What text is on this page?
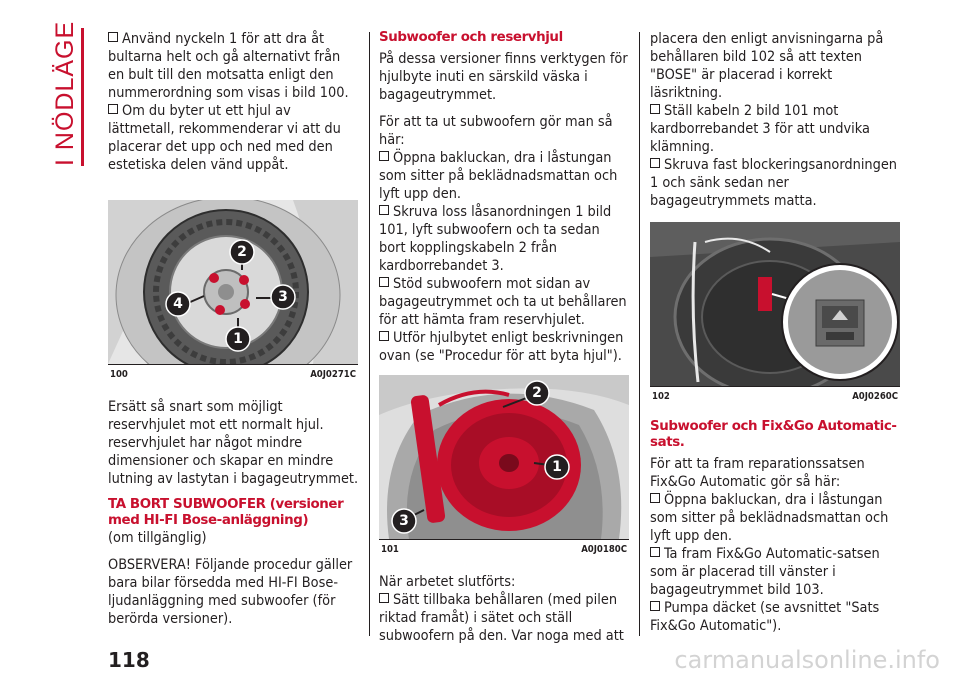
I NÖDLÄGE	Använd nyckeln 1 för att dra åt bultarna helt och gå alternativt från en bult till den motsatta enligt den nummerordning som visas i bild 100.

Om du byter ut ett hjul av lättmetall, rekommenderar vi att du placerar det upp och ned med den estetiska delen vänd uppåt.

2
3
1
4
100	A0J0271C

Ersätt så snart som möjligt reservhjulet mot ett normalt hjul. reservhjulet har något mindre dimensioner och skapar en mindre lutning av lastytan i bagageutrymmet.

TA BORT SUBWOOFER (versioner med HI-FI Bose-anläggning)

(om tillgänglig)

OBSERVERA! Följande procedur gäller bara bilar försedda med HI-FI Bose-ljudanläggning med subwoofer (för berörda versioner).

Subwoofer och reservhjul

På dessa versioner finns verktygen för hjulbyte inuti en särskild väska i bagageutrymmet.

För att ta ut subwoofern gör man så här:

Öppna bakluckan, dra i låstungan som sitter på beklädnadsmattan och lyft upp den.

Skruva loss låsanordningen 1 bild 101, lyft subwoofern och ta sedan bort kopplingskabeln 2 från kardborrebandet 3.

Stöd subwoofern mot sidan av bagageutrymmet och ta ut behållaren för att hämta fram reservhjulet.

Utför hjulbytet enligt beskrivningen ovan (se "Procedur för att byta hjul").

2
1
3
101	A0J0180C

När arbetet slutförts:

Sätt tillbaka behållaren (med pilen riktad framåt) i sätet och ställ subwoofern på den. Var noga med att

placera den enligt anvisningarna på behållaren bild 102 så att texten "BOSE" är placerad i korrekt läsriktning.

Ställ kabeln 2 bild 101 mot kardborrebandet 3 för att undvika klämning.

Skruva fast blockeringsanordningen 1 och sänk sedan ner bagageutrymmets matta.

102	A0J0260C
Subwoofer och Fix&Go Automatic-sats.

För att ta fram reparationssatsen Fix&Go Automatic gör så här:

Öppna bakluckan, dra i låstungan som sitter på beklädnadsmattan och lyft upp den.

Ta fram Fix&Go Automatic-satsen som är placerad till vänster i bagageutrymmet bild 103.

Pumpa däcket (se avsnittet "Sats Fix&Go Automatic").

118	carmanualsonline.info
